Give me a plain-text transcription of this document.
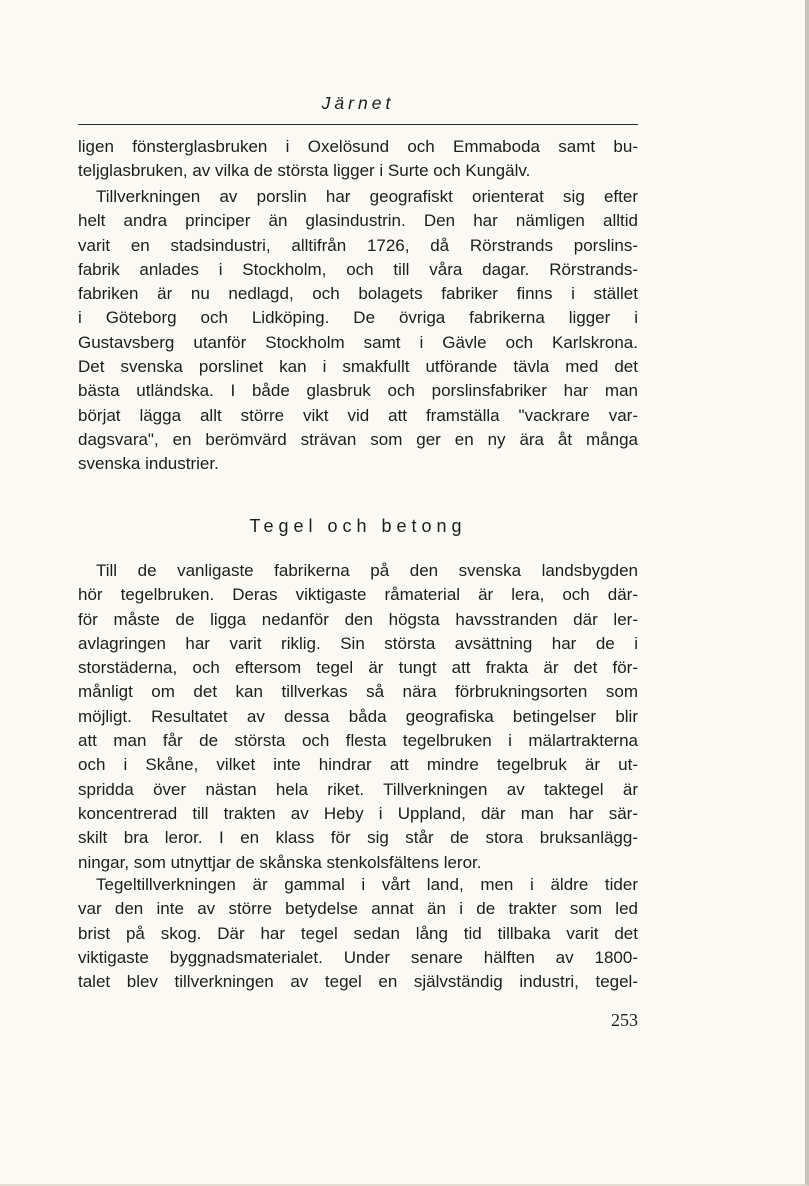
Järnet
ligen fönsterglasbruken i Oxelösund och Emmaboda samt bu-
teljglasbruken, av vilka de största ligger i Surte och Kungälv.
Tillverkningen av porslin har geografiskt orienterat sig efter
helt andra principer än glasindustrin. Den har nämligen alltid
varit en stadsindustri, alltifrån 1726, då Rörstrands porslins-
fabrik anlades i Stockholm, och till våra dagar. Rörstrands-
fabriken är nu nedlagd, och bolagets fabriker finns i stället
i Göteborg och Lidköping. De övriga fabrikerna ligger i
Gustavsberg utanför Stockholm samt i Gävle och Karlskrona.
Det svenska porslinet kan i smakfullt utförande tävla med det
bästa utländska. I både glasbruk och porslinsfabriker har man
börjat lägga allt större vikt vid att framställa "vackrare var-
dagsvara", en berömvärd strävan som ger en ny ära åt många
svenska industrier.
Tegel och betong
Till de vanligaste fabrikerna på den svenska landsbygden
hör tegelbruken. Deras viktigaste råmaterial är lera, och där-
för måste de ligga nedanför den högsta havsstranden där ler-
avlagringen har varit riklig. Sin största avsättning har de i
storstäderna, och eftersom tegel är tungt att frakta är det för-
månligt om det kan tillverkas så nära förbrukningsorten som
möjligt. Resultatet av dessa båda geografiska betingelser blir
att man får de största och flesta tegelbruken i mälartrakterna
och i Skåne, vilket inte hindrar att mindre tegelbruk är ut-
spridda över nästan hela riket. Tillverkningen av taktegel är
koncentrerad till trakten av Heby i Uppland, där man har sär-
skilt bra leror. I en klass för sig står de stora bruksanlägg-
ningar, som utnyttjar de skånska stenkolsfältens leror.
Tegeltillverkningen är gammal i vårt land, men i äldre tider
var den inte av större betydelse annat än i de trakter som led
brist på skog. Där har tegel sedan lång tid tillbaka varit det
viktigaste byggnadsmaterialet. Under senare hälften av 1800-
talet blev tillverkningen av tegel en självständig industri, tegel-
253
